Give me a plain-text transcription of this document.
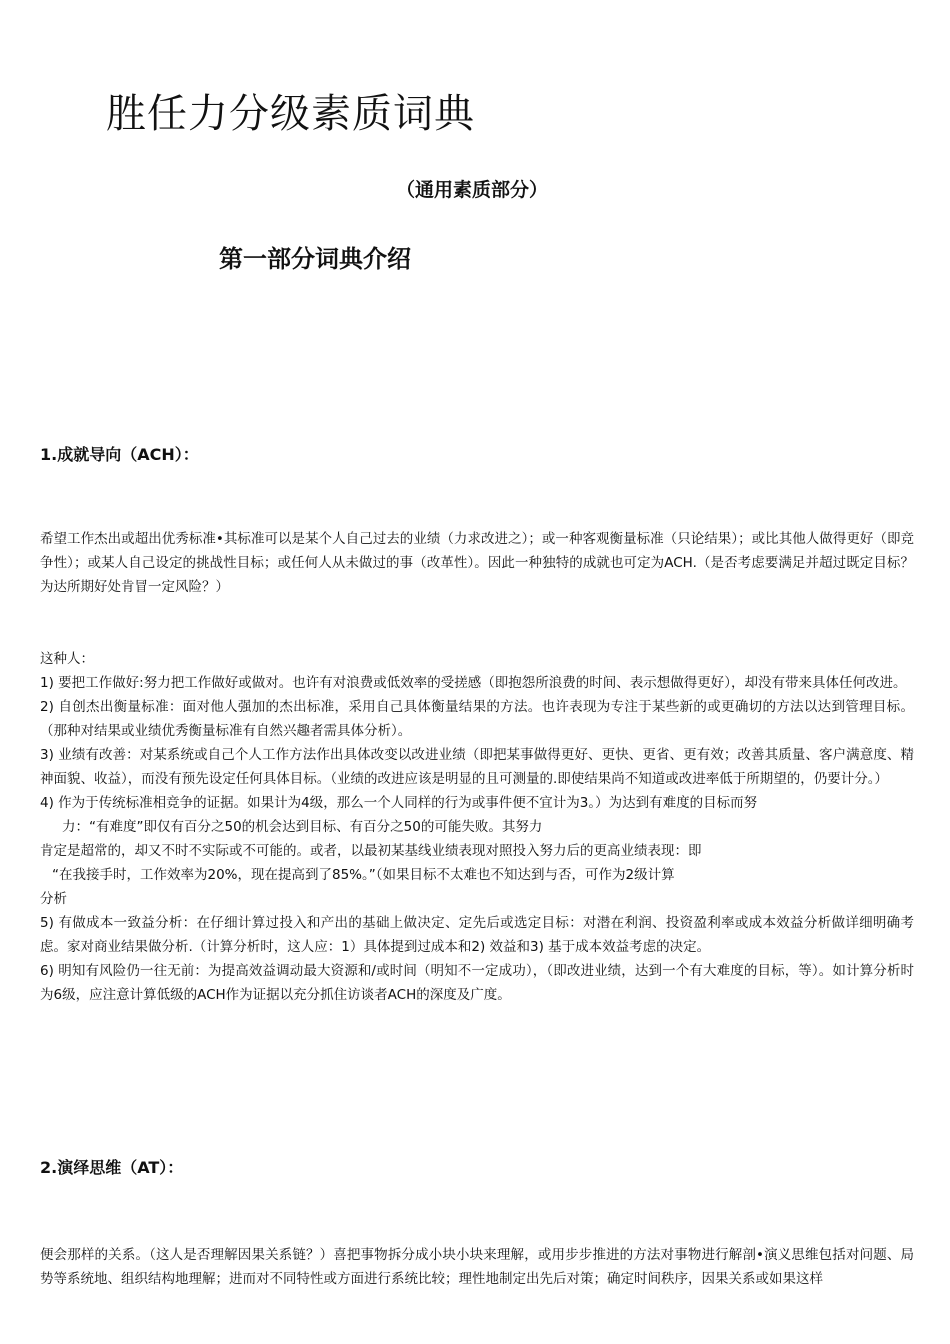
胜任力分级素质词典
（通用素质部分）
第一部分词典介绍
1.成就导向（ACH）：

希望工作杰出或超出优秀标准•其标准可以是某个人自己过去的业绩（力求改进之）；或一种客观衡量标准（只论结果）；或比其他人做得更好（即竞争性）；或某人自己设定的挑战性目标；或任何人从未做过的事（改革性）。因此一种独特的成就也可定为ACH.（是否考虑要满足并超过既定目标？为达所期好处肯冒一定风险？）

这种人：

1) 要把工作做好:努力把工作做好或做对。也许有对浪费或低效率的受搓感（即抱怨所浪费的时间、表示想做得更好），却没有带来具体任何改进。

2) 自创杰出衡量标准：面对他人强加的杰出标准，采用自己具体衡量结果的方法。也许表现为专注于某些新的或更确切的方法以达到管理目标。（那种对结果或业绩优秀衡量标准有自然兴趣者需具体分析）。

3) 业绩有改善：对某系统或自己个人工作方法作出具体改变以改进业绩（即把某事做得更好、更快、更省、更有效；改善其质量、客户满意度、精神面貌、收益），而没有预先设定任何具体目标。（业绩的改进应该是明显的且可测量的.即使结果尚不知道或改进率低于所期望的，仍要计分。）

4) 作为于传统标准相竞争的证据。如果计为4级，那么一个人同样的行为或事件便不宜计为3。）为达到有难度的目标而努

力：“有难度”即仅有百分之50的机会达到目标、有百分之50的可能失败。其努力

肯定是超常的，却又不时不实际或不可能的。或者，以最初某基线业绩表现对照投入努力后的更高业绩表现：即

“在我接手时，工作效率为20%，现在提高到了85%。”（如果目标不太难也不知达到与否，可作为2级计算

分析

5) 有做成本一致益分析：在仔细计算过投入和产出的基础上做决定、定先后或选定目标：对潜在利润、投资盈利率或成本效益分析做详细明确考虑。家对商业结果做分析.（计算分析时，这人应：1）具体提到过成本和2) 效益和3) 基于成本效益考虑的决定。

6) 明知有风险仍一往无前：为提高效益调动最大资源和/或时间（明知不一定成功），（即改进业绩，达到一个有大难度的目标，等）。如计算分析时为6级，应注意计算低级的ACH作为证据以充分抓住访谈者ACH的深度及广度。

2.演绎思维（AT）：

便会那样的关系。（这人是否理解因果关系链？）喜把事物拆分成小块小块来理解，或用步步推进的方法对事物进行解剖•演义思维包括对问题、局势等系统地、组织结构地理解；进而对不同特性或方面进行系统比较；理性地制定出先后对策；确定时间秩序，因果关系或如果这样
